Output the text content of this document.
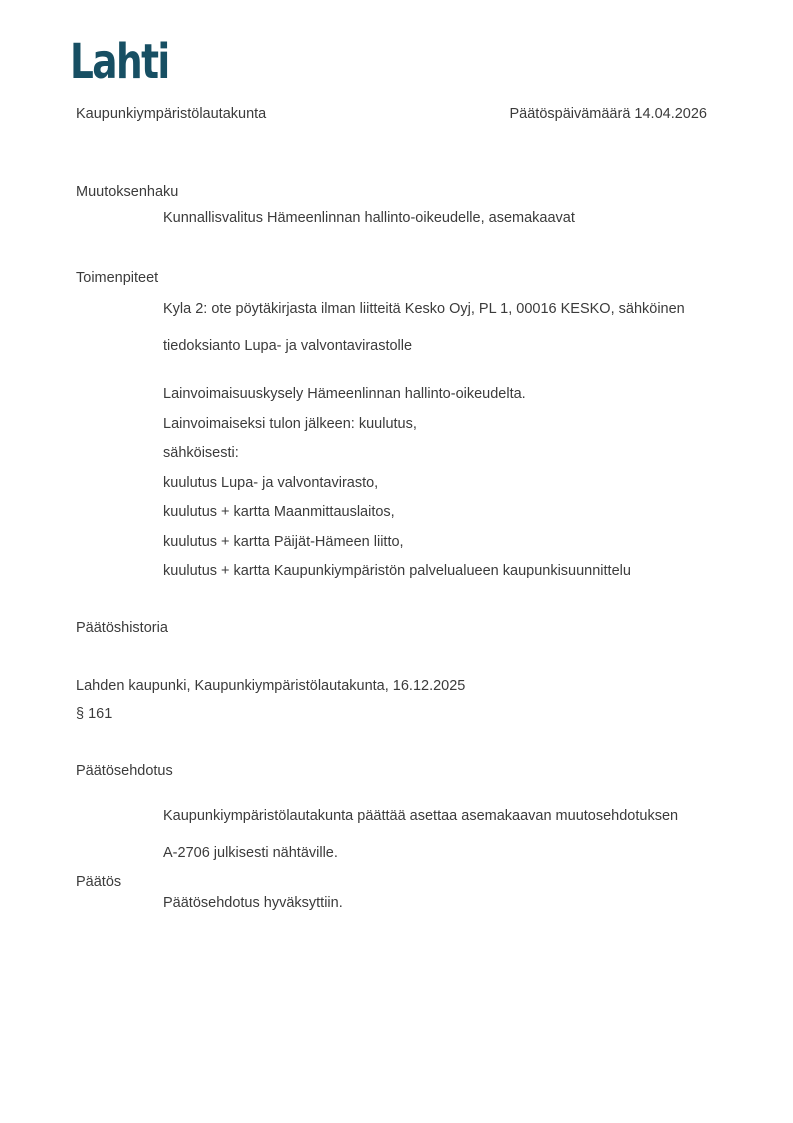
Lahti
Kaupunkiympäristölautakunta	Päätöspäivämäärä 14.04.2026
Muutoksenhaku
Kunnallisvalitus Hämeenlinnan hallinto-oikeudelle, asemakaavat
Toimenpiteet
Kyla 2: ote pöytäkirjasta ilman liitteitä Kesko Oyj, PL 1, 00016 KESKO, sähköinen tiedoksianto Lupa- ja valvontavirastolle
Lainvoimaisuuskysely Hämeenlinnan hallinto-oikeudelta.
Lainvoimaiseksi tulon jälkeen: kuulutus,
sähköisesti:
kuulutus Lupa- ja valvontavirasto,
kuulutus + kartta Maanmittauslaitos,
kuulutus + kartta Päijät-Hämeen liitto,
kuulutus + kartta Kaupunkiympäristön palvelualueen kaupunkisuunnittelu
Päätöshistoria
Lahden kaupunki, Kaupunkiympäristölautakunta, 16.12.2025
§ 161
Päätösehdotus
Kaupunkiympäristölautakunta päättää asettaa asemakaavan muutosehdotuksen A-2706 julkisesti nähtäville.
Päätös
Päätösehdotus hyväksyttiin.
